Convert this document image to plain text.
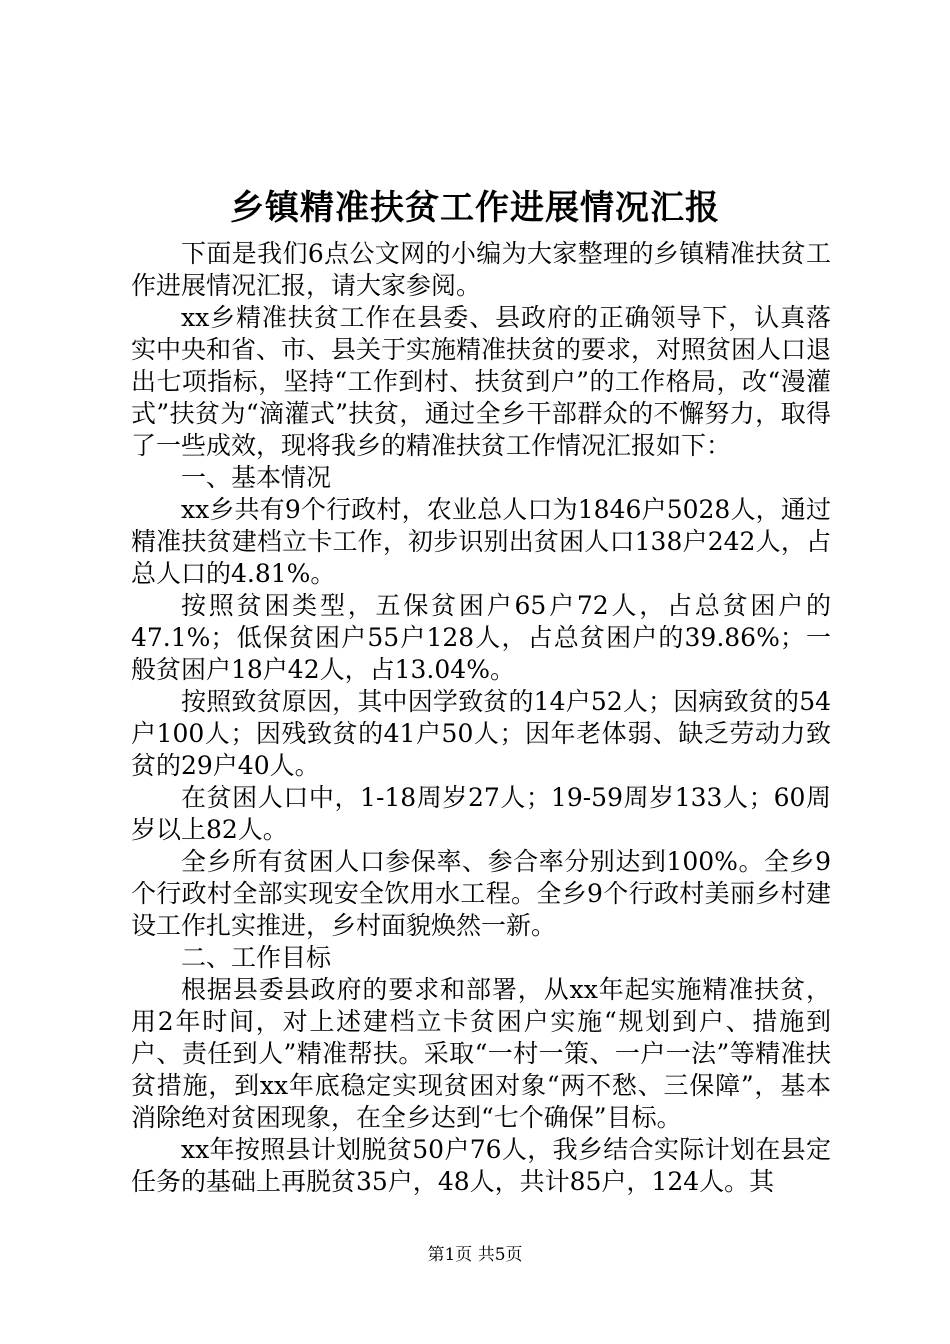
乡镇精准扶贫工作进展情况汇报

下面是我们6点公文网的小编为大家整理的乡镇精准扶贫工作进展情况汇报，请大家参阅。

xx乡精准扶贫工作在县委、县政府的正确领导下，认真落实中央和省、市、县关于实施精准扶贫的要求，对照贫困人口退出七项指标，坚持“工作到村、扶贫到户”的工作格局，改“漫灌式”扶贫为“滴灌式”扶贫，通过全乡干部群众的不懈努力，取得了一些成效，现将我乡的精准扶贫工作情况汇报如下：

一、基本情况

xx乡共有9个行政村，农业总人口为1846户5028人，通过精准扶贫建档立卡工作，初步识别出贫困人口138户242人，占总人口的4.81%。

按照贫困类型，五保贫困户65户72人，占总贫困户的47.1%；低保贫困户55户128人，占总贫困户的39.86%；一般贫困户18户42人，占13.04%。

按照致贫原因，其中因学致贫的14户52人；因病致贫的54户100人；因残致贫的41户50人；因年老体弱、缺乏劳动力致贫的29户40人。

在贫困人口中，1-18周岁27人；19-59周岁133人；60周岁以上82人。

全乡所有贫困人口参保率、参合率分别达到100%。全乡9个行政村全部实现安全饮用水工程。全乡9个行政村美丽乡村建设工作扎实推进，乡村面貌焕然一新。

二、工作目标

根据县委县政府的要求和部署，从xx年起实施精准扶贫，用2年时间，对上述建档立卡贫困户实施“规划到户、措施到户、责任到人”精准帮扶。采取“一村一策、一户一法”等精准扶贫措施，到xx年底稳定实现贫困对象“两不愁、三保障”，基本消除绝对贫困现象，在全乡达到“七个确保”目标。

xx年按照县计划脱贫50户76人，我乡结合实际计划在县定任务的基础上再脱贫35户，48人，共计85户，124人。其

第1页 共5页
